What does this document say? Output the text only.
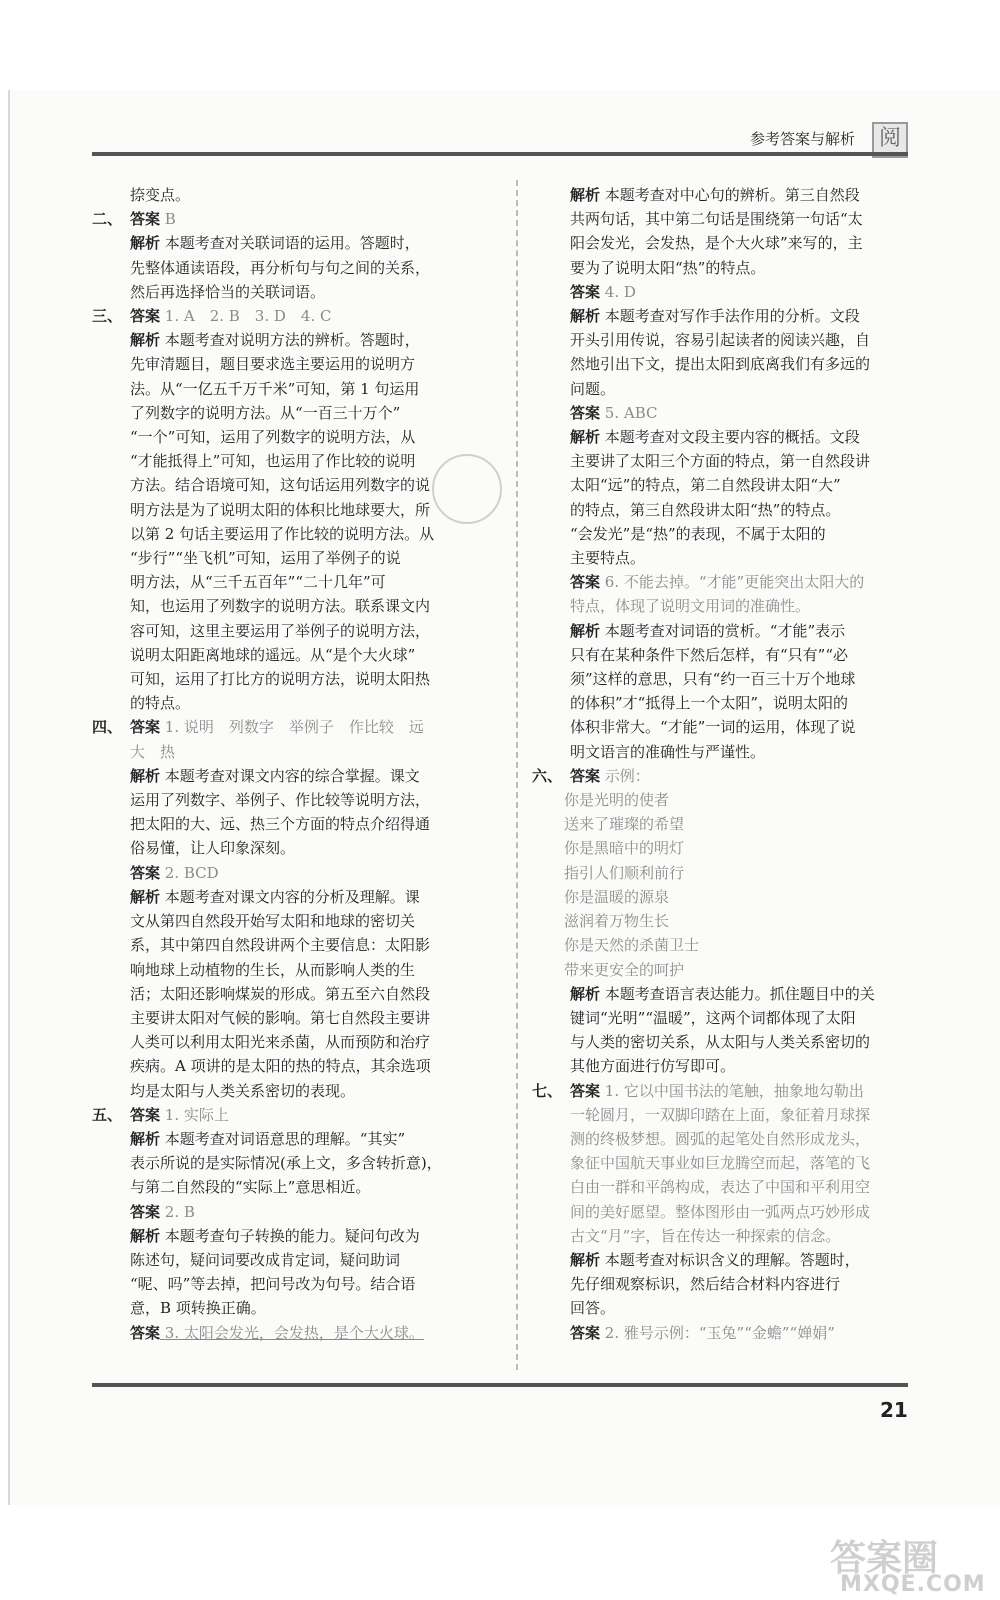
参考答案与解析	阅

捺变点。

二、 答案 B

解析 本题考查对关联词语的运用。答题时，

先整体通读语段，再分析句与句之间的关系，

然后再选择恰当的关联词语。

三、 答案 1. A　2. B　3. D　4. C

解析 本题考查对说明方法的辨析。答题时，

先审清题目，题目要求选主要运用的说明方

法。从“一亿五千万千米”可知，第 1 句运用

了列数字的说明方法。从“一百三十万个”

“一个”可知，运用了列数字的说明方法，从

“才能抵得上”可知，也运用了作比较的说明

方法。结合语境可知，这句话运用列数字的说

明方法是为了说明太阳的体积比地球要大，所

以第 2 句话主要运用了作比较的说明方法。从

“步行”“坐飞机”可知，运用了举例子的说

明方法，从“三千五百年”“二十几年”可

知，也运用了列数字的说明方法。联系课文内

容可知，这里主要运用了举例子的说明方法，

说明太阳距离地球的遥远。从“是个大火球”

可知，运用了打比方的说明方法，说明太阳热

的特点。

四、 答案 1. 说明　列数字　举例子　作比较　远

大　热

解析 本题考查对课文内容的综合掌握。课文

运用了列数字、举例子、作比较等说明方法，

把太阳的大、远、热三个方面的特点介绍得通

俗易懂，让人印象深刻。

答案 2. BCD

解析 本题考查对课文内容的分析及理解。课

文从第四自然段开始写太阳和地球的密切关

系，其中第四自然段讲两个主要信息：太阳影

响地球上动植物的生长，从而影响人类的生

活；太阳还影响煤炭的形成。第五至六自然段

主要讲太阳对气候的影响。第七自然段主要讲

人类可以利用太阳光来杀菌，从而预防和治疗

疾病。A 项讲的是太阳的热的特点，其余选项

均是太阳与人类关系密切的表现。

五、 答案 1. 实际上

解析 本题考查对词语意思的理解。“其实”

表示所说的是实际情况(承上文，多含转折意)，

与第二自然段的“实际上”意思相近。

答案 2. B

解析 本题考查句子转换的能力。疑问句改为

陈述句，疑问词要改成肯定词，疑问助词

“呢、吗”等去掉，把问号改为句号。结合语

意，B 项转换正确。

答案 3. 太阳会发光，会发热，是个大火球。

解析 本题考查对中心句的辨析。第三自然段

共两句话，其中第二句话是围绕第一句话“太

阳会发光，会发热，是个大火球”来写的，主

要为了说明太阳“热”的特点。

答案 4. D

解析 本题考查对写作手法作用的分析。文段

开头引用传说，容易引起读者的阅读兴趣，自

然地引出下文，提出太阳到底离我们有多远的

问题。

答案 5. ABC

解析 本题考查对文段主要内容的概括。文段

主要讲了太阳三个方面的特点，第一自然段讲

太阳“远”的特点，第二自然段讲太阳“大”

的特点，第三自然段讲太阳“热”的特点。

“会发光”是“热”的表现，不属于太阳的

主要特点。

答案 6. 不能去掉。“才能”更能突出太阳大的

特点，体现了说明文用词的准确性。

解析 本题考查对词语的赏析。“才能”表示

只有在某种条件下然后怎样，有“只有”“必

须”这样的意思，只有“约一百三十万个地球

的体积”才“抵得上一个太阳”，说明太阳的

体积非常大。“才能”一词的运用，体现了说

明文语言的准确性与严谨性。

六、 答案 示例：

你是光明的使者

送来了璀璨的希望

你是黑暗中的明灯

指引人们顺利前行

你是温暖的源泉

滋润着万物生长

你是天然的杀菌卫士

带来更安全的呵护

解析 本题考查语言表达能力。抓住题目中的关

键词“光明”“温暖”，这两个词都体现了太阳

与人类的密切关系，从太阳与人类关系密切的

其他方面进行仿写即可。

七、 答案 1. 它以中国书法的笔触，抽象地勾勒出

一轮圆月，一双脚印踏在上面，象征着月球探

测的终极梦想。圆弧的起笔处自然形成龙头，

象征中国航天事业如巨龙腾空而起，落笔的飞

白由一群和平鸽构成，表达了中国和平利用空

间的美好愿望。整体图形由一弧两点巧妙形成

古文“月”字，旨在传达一种探索的信念。

解析 本题考查对标识含义的理解。答题时，

先仔细观察标识，然后结合材料内容进行

回答。

答案 2. 雅号示例：“玉兔”“金蟾”“婵娟”

21
答案圈
MXQE.COM
